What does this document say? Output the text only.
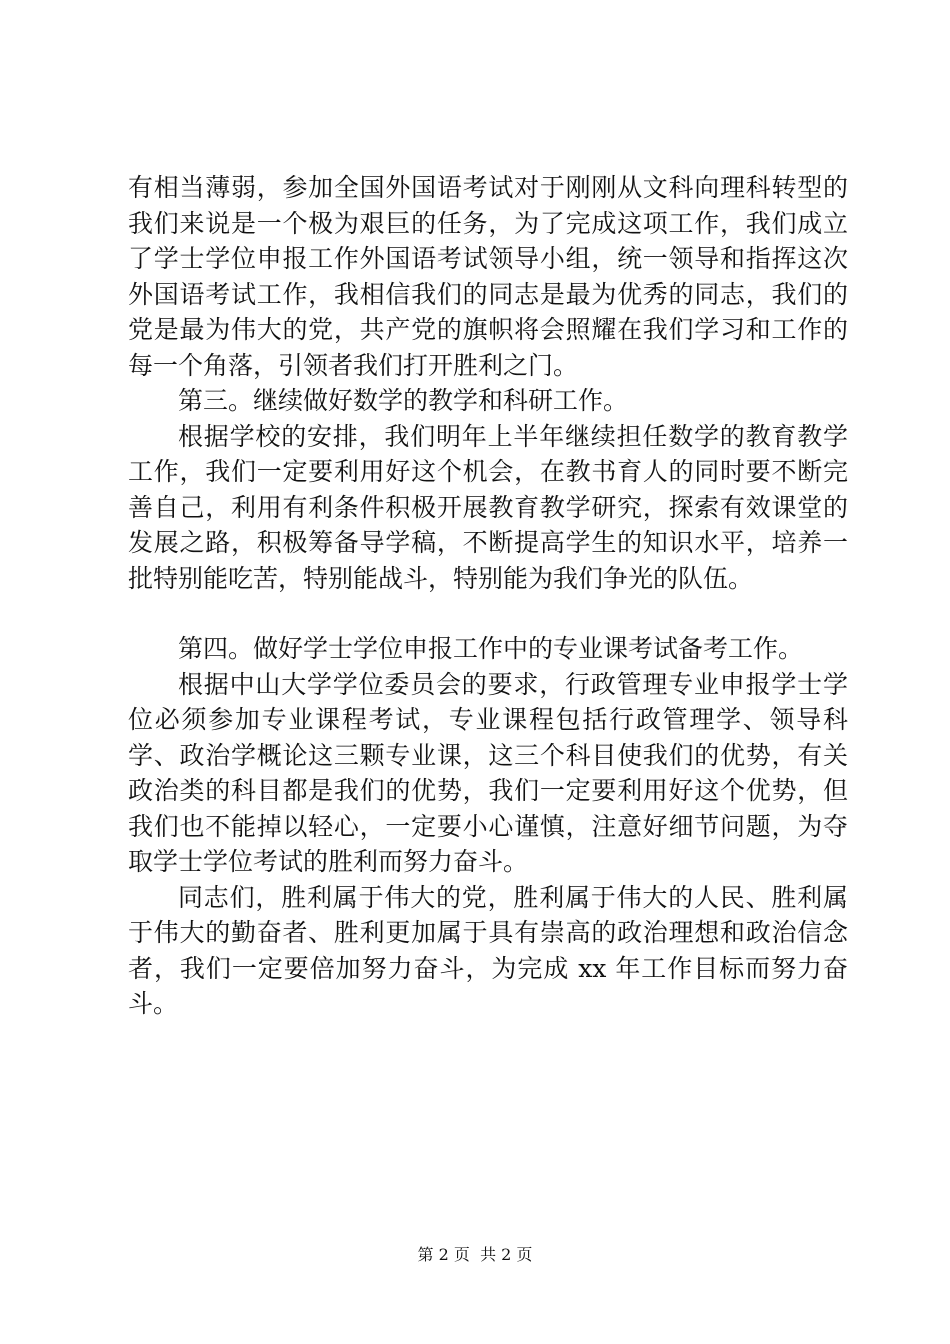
有相当薄弱，参加全国外国语考试对于刚刚从文科向理科转型的我们来说是一个极为艰巨的任务，为了完成这项工作，我们成立了学士学位申报工作外国语考试领导小组，统一领导和指挥这次外国语考试工作，我相信我们的同志是最为优秀的同志，我们的党是最为伟大的党，共产党的旗帜将会照耀在我们学习和工作的每一个角落，引领者我们打开胜利之门。

第三。继续做好数学的教学和科研工作。

根据学校的安排，我们明年上半年继续担任数学的教育教学工作，我们一定要利用好这个机会，在教书育人的同时要不断完善自己，利用有利条件积极开展教育教学研究，探索有效课堂的发展之路，积极筹备导学稿，不断提高学生的知识水平，培养一批特别能吃苦，特别能战斗，特别能为我们争光的队伍。

第四。做好学士学位申报工作中的专业课考试备考工作。

根据中山大学学位委员会的要求，行政管理专业申报学士学位必须参加专业课程考试，专业课程包括行政管理学、领导科学、政治学概论这三颗专业课，这三个科目使我们的优势，有关政治类的科目都是我们的优势，我们一定要利用好这个优势，但我们也不能掉以轻心，一定要小心谨慎，注意好细节问题，为夺取学士学位考试的胜利而努力奋斗。

同志们，胜利属于伟大的党，胜利属于伟大的人民、胜利属于伟大的勤奋者、胜利更加属于具有崇高的政治理想和政治信念者，我们一定要倍加努力奋斗，为完成 xx 年工作目标而努力奋斗。

第 2 页  共 2 页
